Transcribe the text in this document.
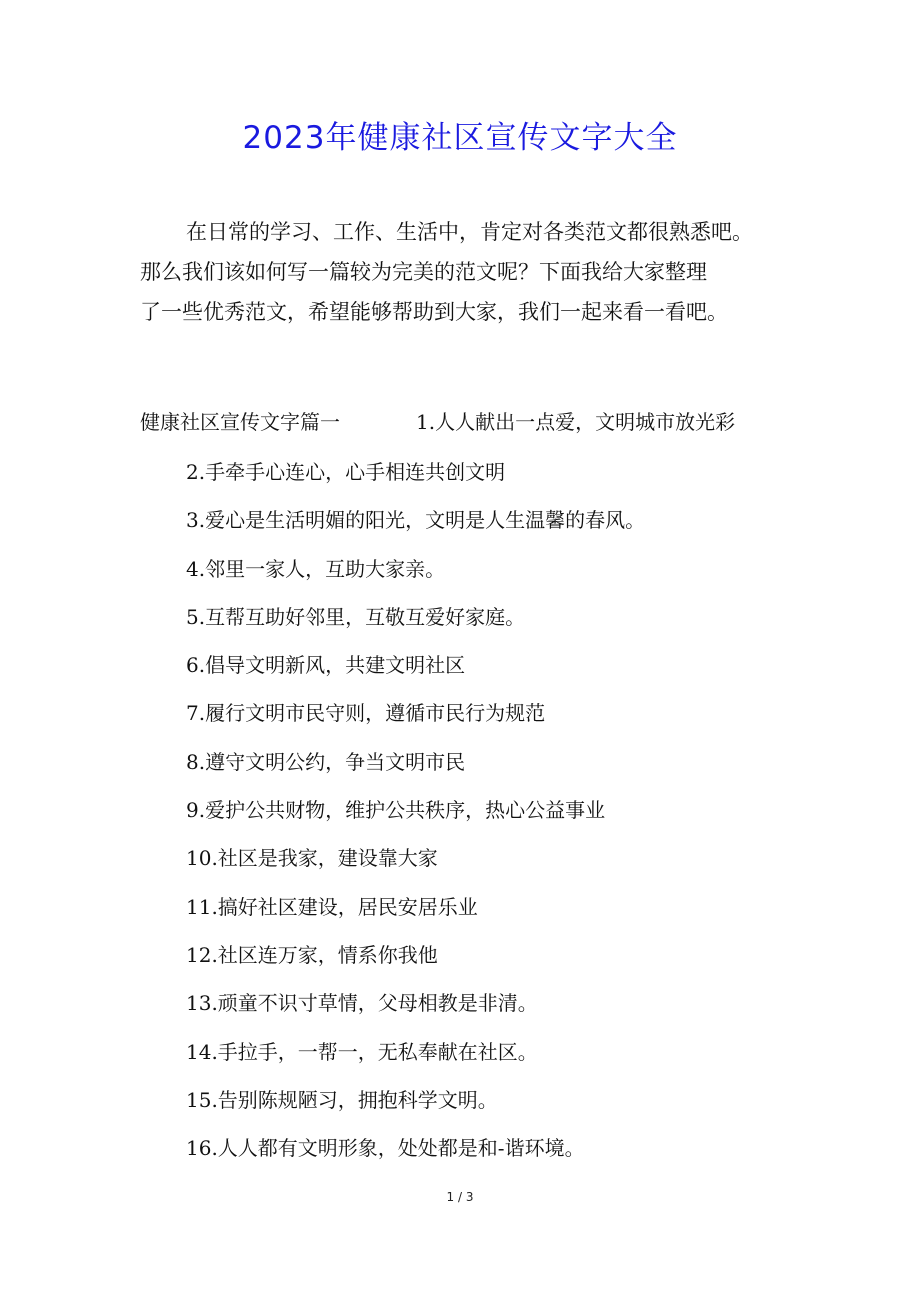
2023年健康社区宣传文字大全
在日常的学习、工作、生活中，肯定对各类范文都很熟悉吧。
那么我们该如何写一篇较为完美的范文呢？下面我给大家整理
了一些优秀范文，希望能够帮助到大家，我们一起来看一看吧。
健康社区宣传文字篇一	1.人人献出一点爱，文明城市放光彩
2.手牵手心连心，心手相连共创文明
3.爱心是生活明媚的阳光，文明是人生温馨的春风。
4.邻里一家人，互助大家亲。
5.互帮互助好邻里，互敬互爱好家庭。
6.倡导文明新风，共建文明社区
7.履行文明市民守则，遵循市民行为规范
8.遵守文明公约，争当文明市民
9.爱护公共财物，维护公共秩序，热心公益事业
10.社区是我家，建设靠大家
11.搞好社区建设，居民安居乐业
12.社区连万家，情系你我他
13.顽童不识寸草情，父母相教是非清。
14.手拉手，一帮一，无私奉献在社区。
15.告别陈规陋习，拥抱科学文明。
16.人人都有文明形象，处处都是和-谐环境。
1 / 3
